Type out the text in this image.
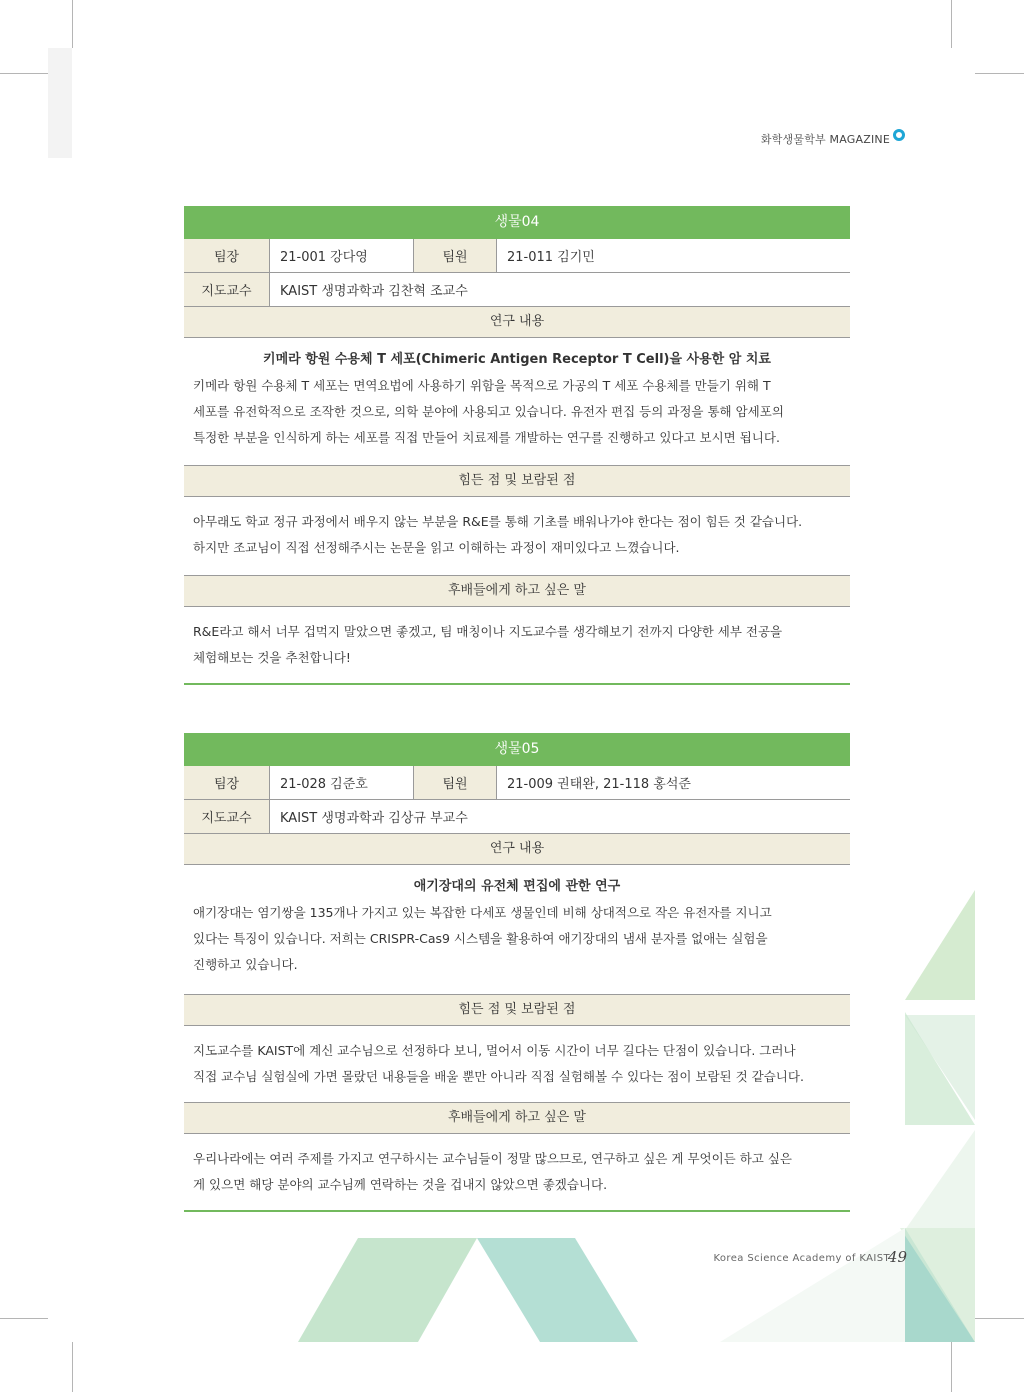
화학생물학부 MAGAZINE
생물04
팀장	21-001 강다영	팀원	21-011 김기민
지도교수	KAIST 생명과학과 김찬혁 조교수		
연구 내용
키메라 항원 수용체 T 세포(Chimeric Antigen Receptor T Cell)을 사용한 암 치료
키메라 항원 수용체 T 세포는 면역요법에 사용하기 위함을 목적으로 가공의 T 세포 수용체를 만들기 위해 T
세포를 유전학적으로 조작한 것으로, 의학 분야에 사용되고 있습니다. 유전자 편집 등의 과정을 통해 암세포의
특정한 부분을 인식하게 하는 세포를 직접 만들어 치료제를 개발하는 연구를 진행하고 있다고 보시면 됩니다.
힘든 점 및 보람된 점
아무래도 학교 정규 과정에서 배우지 않는 부분을 R&E를 통해 기초를 배워나가야 한다는 점이 힘든 것 같습니다.
하지만 조교님이 직접 선정해주시는 논문을 읽고 이해하는 과정이 재미있다고 느꼈습니다.
후배들에게 하고 싶은 말
R&E라고 해서 너무 겁먹지 말았으면 좋겠고, 팀 매칭이나 지도교수를 생각해보기 전까지 다양한 세부 전공을
체험해보는 것을 추천합니다!
생물05
팀장	21-028 김준호	팀원	21-009 권태완, 21-118 홍석준
지도교수	KAIST 생명과학과 김상규 부교수		
연구 내용
애기장대의 유전체 편집에 관한 연구
애기장대는 염기쌍을 135개나 가지고 있는 복잡한 다세포 생물인데 비해 상대적으로 작은 유전자를 지니고
있다는 특징이 있습니다. 저희는 CRISPR-Cas9 시스템을 활용하여 애기장대의 냄새 분자를 없애는 실험을
진행하고 있습니다.
힘든 점 및 보람된 점
지도교수를 KAIST에 계신 교수님으로 선정하다 보니, 멀어서 이동 시간이 너무 길다는 단점이 있습니다. 그러나
직접 교수님 실험실에 가면 몰랐던 내용들을 배울 뿐만 아니라 직접 실험해볼 수 있다는 점이 보람된 것 같습니다.
후배들에게 하고 싶은 말
우리나라에는 여러 주제를 가지고 연구하시는 교수님들이 정말 많으므로, 연구하고 싶은 게 무엇이든 하고 싶은
게 있으면 해당 분야의 교수님께 연락하는 것을 겁내지 않았으면 좋겠습니다.
Korea Science Academy of KAIST
49
